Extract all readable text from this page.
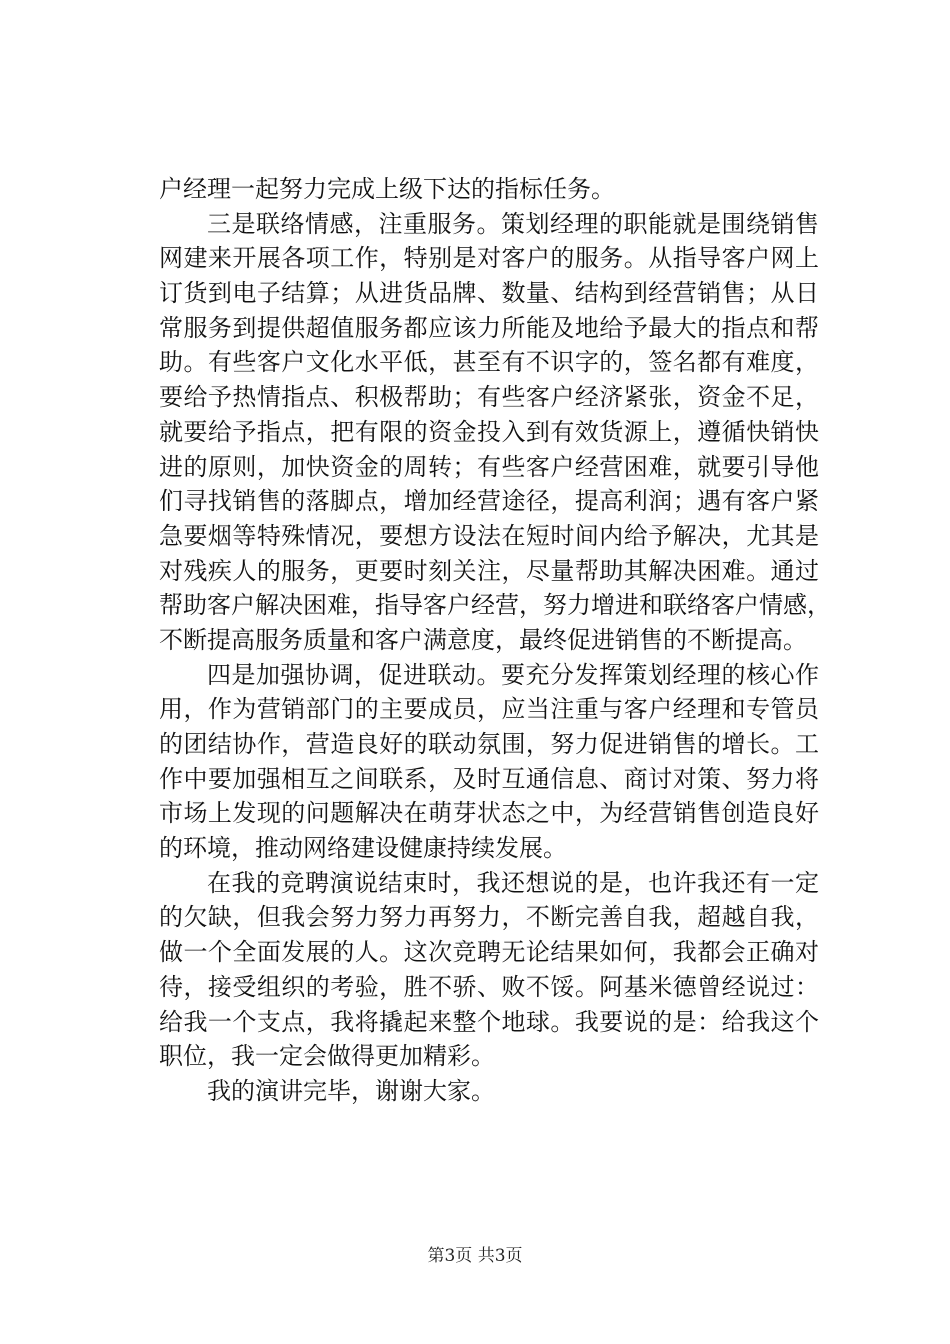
户经理一起努力完成上级下达的指标任务。
三是联络情感，注重服务。策划经理的职能就是围绕销售
网建来开展各项工作，特别是对客户的服务。从指导客户网上
订货到电子结算；从进货品牌、数量、结构到经营销售；从日
常服务到提供超值服务都应该力所能及地给予最大的指点和帮
助。有些客户文化水平低，甚至有不识字的，签名都有难度，
要给予热情指点、积极帮助；有些客户经济紧张，资金不足，
就要给予指点，把有限的资金投入到有效货源上，遵循快销快
进的原则，加快资金的周转；有些客户经营困难，就要引导他
们寻找销售的落脚点，增加经营途径，提高利润；遇有客户紧
急要烟等特殊情况，要想方设法在短时间内给予解决，尤其是
对残疾人的服务，更要时刻关注，尽量帮助其解决困难。通过
帮助客户解决困难，指导客户经营，努力增进和联络客户情感，
不断提高服务质量和客户满意度，最终促进销售的不断提高。
四是加强协调，促进联动。要充分发挥策划经理的核心作
用，作为营销部门的主要成员，应当注重与客户经理和专管员
的团结协作，营造良好的联动氛围，努力促进销售的增长。工
作中要加强相互之间联系，及时互通信息、商讨对策、努力将
市场上发现的问题解决在萌芽状态之中，为经营销售创造良好
的环境，推动网络建设健康持续发展。
在我的竞聘演说结束时，我还想说的是，也许我还有一定
的欠缺，但我会努力努力再努力，不断完善自我，超越自我，
做一个全面发展的人。这次竞聘无论结果如何，我都会正确对
待，接受组织的考验，胜不骄、败不馁。阿基米德曾经说过：
给我一个支点，我将撬起来整个地球。我要说的是：给我这个
职位，我一定会做得更加精彩。
我的演讲完毕，谢谢大家。
第3页 共3页
